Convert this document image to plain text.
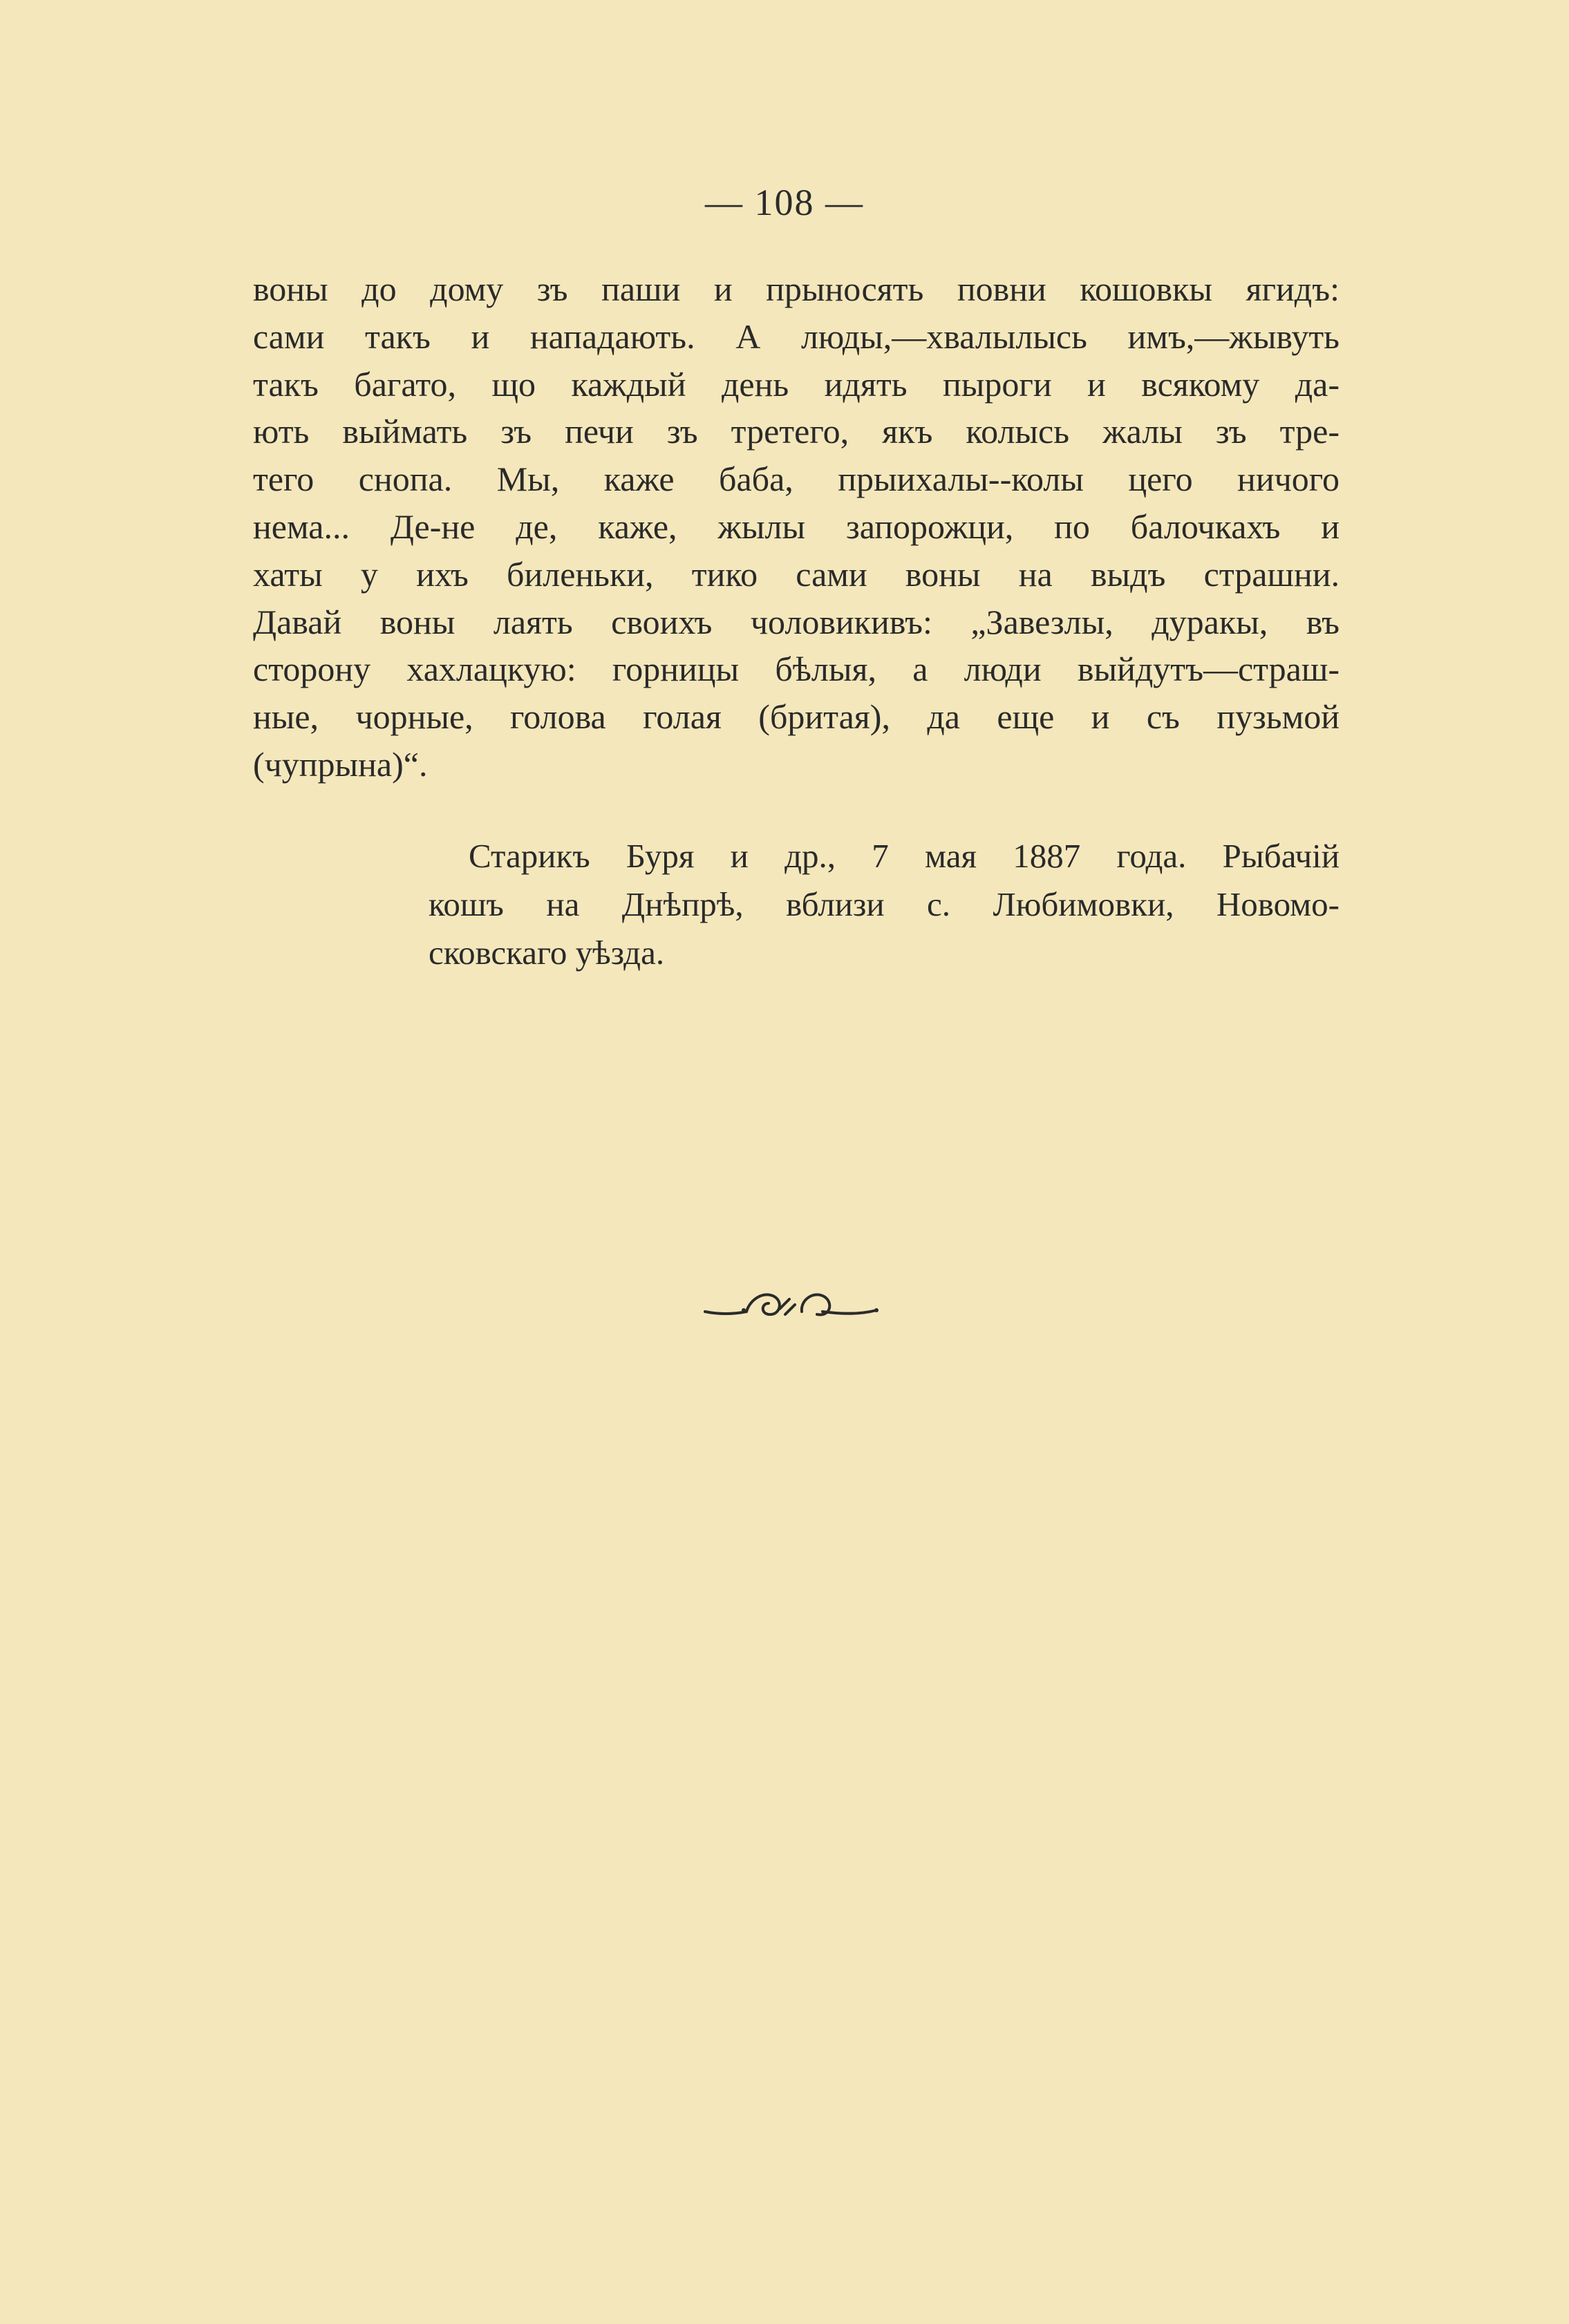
— 108 —
воны до дому зъ паши и прыносять повни кошовкы ягидъ:
сами такъ и нападають. А люды,—хвалылысь имъ,—жывуть
такъ багато, що каждый день идять пыроги и всякому да-
ють выймать зъ печи зъ третего, якъ колысь жалы зъ тре-
тего снопа. Мы, каже баба, прыихалы--колы цего ничого
нема... Де-не де, каже, жылы запорожци, по балочкахъ и
хаты у ихъ биленьки, тико сами воны на выдъ страшни.
Давай воны лаять своихъ чоловикивъ: „Завезлы, дуракы, въ
сторону хахлацкую: горницы бѣлыя, а люди выйдутъ—страш-
ные, чорные, голова голая (бритая), да еще и съ пузьмой
(чупрына)“.
Старикъ Буря и др., 7 мая 1887 года. Рыбачій
кошъ на Днѣпрѣ, вблизи с. Любимовки, Новомо-
сковскаго уѣзда.
